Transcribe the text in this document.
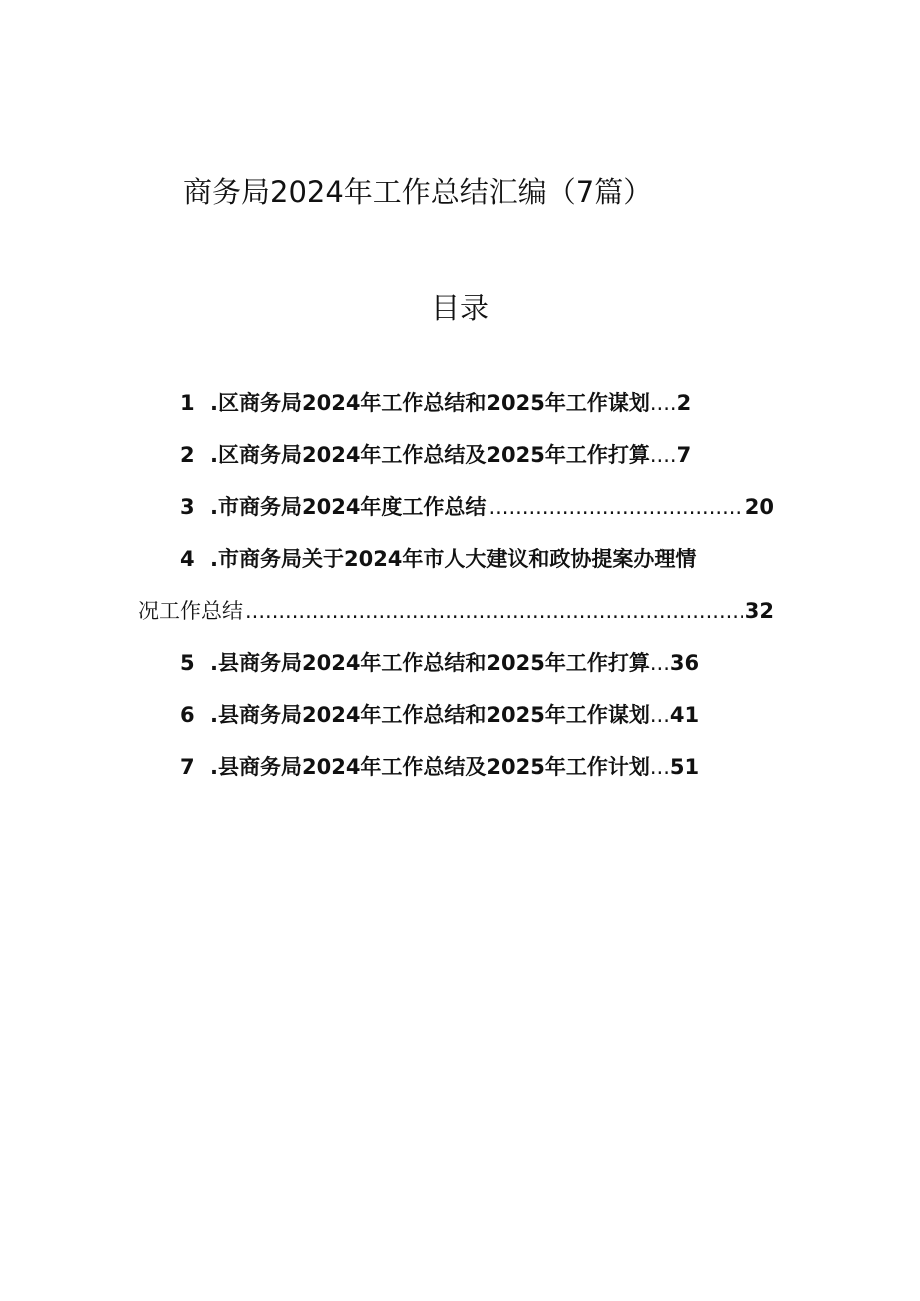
商务局2024年工作总结汇编（7篇）
目录
1 .区商务局2024年工作总结和2025年工作谋划....2
2 .区商务局2024年工作总结及2025年工作打算....7
3 .市商务局2024年度工作总结 .....	20
4 .市商务局关于2024年市人大建议和政协提案办理情
况工作总结 .....	32
5 .县商务局2024年工作总结和2025年工作打算...36
6 .县商务局2024年工作总结和2025年工作谋划...41
7 .县商务局2024年工作总结及2025年工作计划...51
